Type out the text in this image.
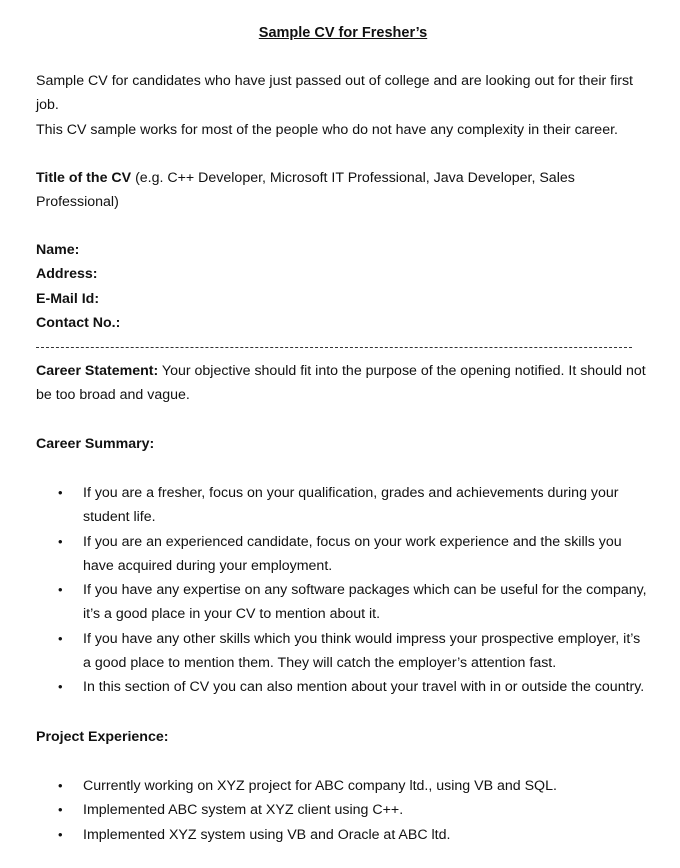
Sample CV for Fresher’s

Sample CV for candidates who have just passed out of college and are looking out for their first job.

This CV sample works for most of the people who do not have any complexity in their career.

Title of the CV (e.g. C++ Developer, Microsoft IT Professional, Java Developer, Sales Professional)

Name:

Address:

E-Mail Id:

Contact No.:

Career Statement: Your objective should fit into the purpose of the opening notified. It should not be too broad and vague.

Career Summary:

• If you are a fresher, focus on your qualification, grades and achievements during your student life.
• If you are an experienced candidate, focus on your work experience and the skills you have acquired during your employment.
• If you have any expertise on any software packages which can be useful for the company, it’s a good place in your CV to mention about it.
• If you have any other skills which you think would impress your prospective employer, it’s a good place to mention them. They will catch the employer’s attention fast.
• In this section of CV you can also mention about your travel with in or outside the country.

Project Experience:

• Currently working on XYZ project for ABC company ltd., using VB and SQL.
• Implemented ABC system at XYZ client using C++.
• Implemented XYZ system using VB and Oracle at ABC ltd.
